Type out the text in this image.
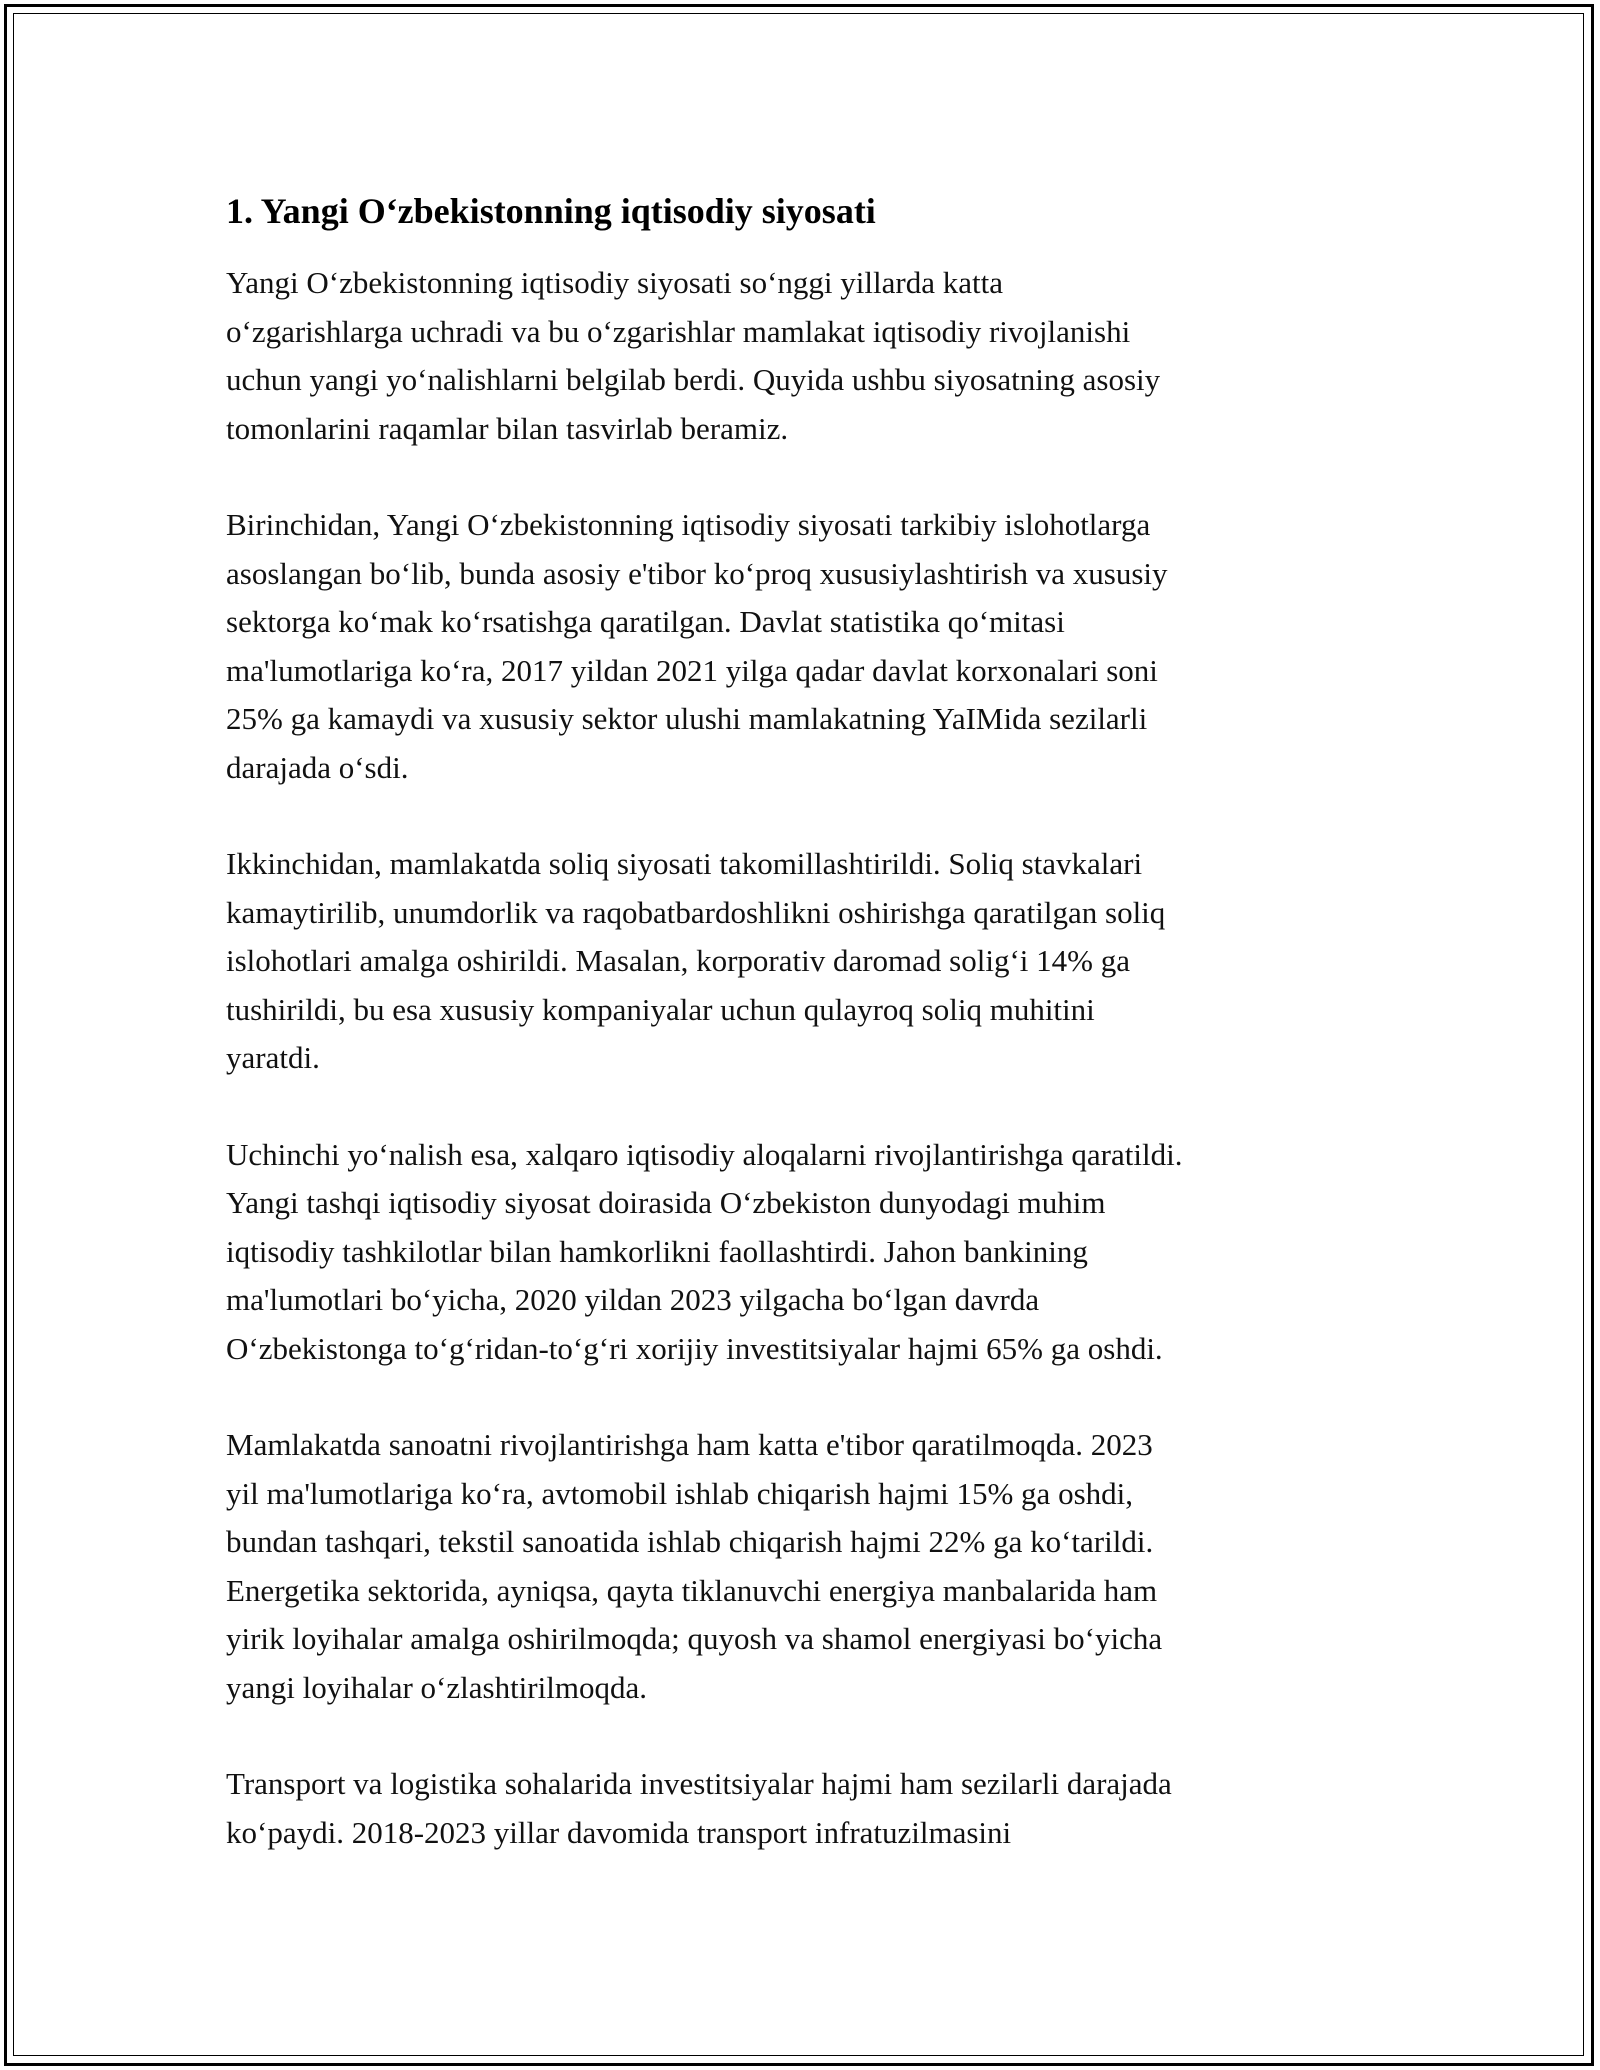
1. Yangi O‘zbekistonning iqtisodiy siyosati

Yangi O‘zbekistonning iqtisodiy siyosati so‘nggi yillarda katta
o‘zgarishlarga uchradi va bu o‘zgarishlar mamlakat iqtisodiy rivojlanishi
uchun yangi yo‘nalishlarni belgilab berdi. Quyida ushbu siyosatning asosiy
tomonlarini raqamlar bilan tasvirlab beramiz.

Birinchidan, Yangi O‘zbekistonning iqtisodiy siyosati tarkibiy islohotlarga
asoslangan bo‘lib, bunda asosiy e'tibor ko‘proq xususiylashtirish va xususiy
sektorga ko‘mak ko‘rsatishga qaratilgan. Davlat statistika qo‘mitasi
ma'lumotlariga ko‘ra, 2017 yildan 2021 yilga qadar davlat korxonalari soni
25% ga kamaydi va xususiy sektor ulushi mamlakatning YaIMida sezilarli
darajada o‘sdi.

Ikkinchidan, mamlakatda soliq siyosati takomillashtirildi. Soliq stavkalari
kamaytirilib, unumdorlik va raqobatbardoshlikni oshirishga qaratilgan soliq
islohotlari amalga oshirildi. Masalan, korporativ daromad solig‘i 14% ga
tushirildi, bu esa xususiy kompaniyalar uchun qulayroq soliq muhitini
yaratdi.

Uchinchi yo‘nalish esa, xalqaro iqtisodiy aloqalarni rivojlantirishga qaratildi.
Yangi tashqi iqtisodiy siyosat doirasida O‘zbekiston dunyodagi muhim
iqtisodiy tashkilotlar bilan hamkorlikni faollashtirdi. Jahon bankining
ma'lumotlari bo‘yicha, 2020 yildan 2023 yilgacha bo‘lgan davrda
O‘zbekistonga to‘g‘ridan-to‘g‘ri xorijiy investitsiyalar hajmi 65% ga oshdi.

Mamlakatda sanoatni rivojlantirishga ham katta e'tibor qaratilmoqda. 2023
yil ma'lumotlariga ko‘ra, avtomobil ishlab chiqarish hajmi 15% ga oshdi,
bundan tashqari, tekstil sanoatida ishlab chiqarish hajmi 22% ga ko‘tarildi.
Energetika sektorida, ayniqsa, qayta tiklanuvchi energiya manbalarida ham
yirik loyihalar amalga oshirilmoqda; quyosh va shamol energiyasi bo‘yicha
yangi loyihalar o‘zlashtirilmoqda.

Transport va logistika sohalarida investitsiyalar hajmi ham sezilarli darajada
ko‘paydi. 2018-2023 yillar davomida transport infratuzilmasini
